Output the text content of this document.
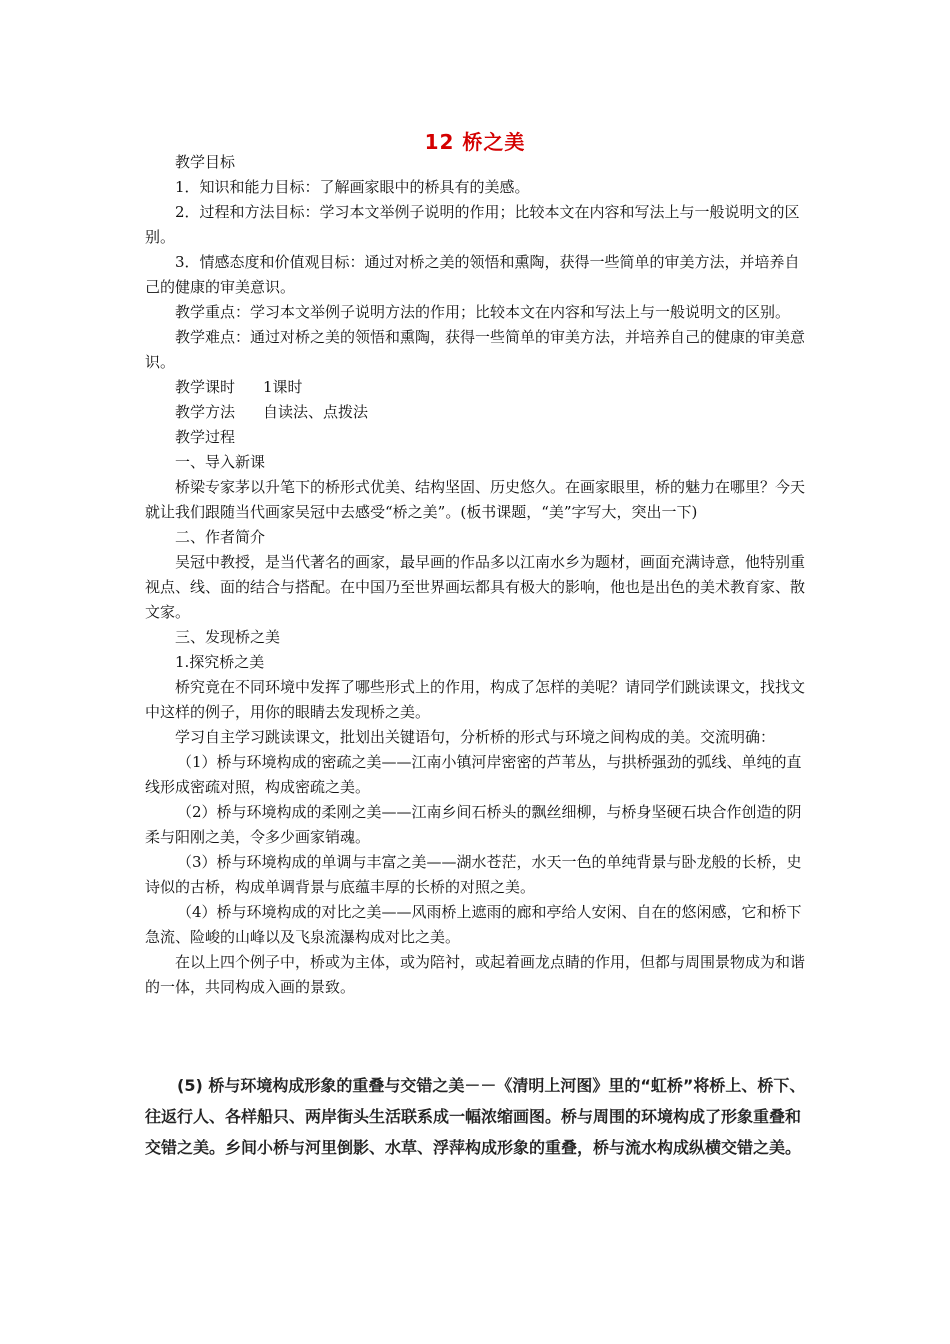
12 桥之美

教学目标

1．知识和能力目标：了解画家眼中的桥具有的美感。

2．过程和方法目标：学习本文举例子说明的作用；比较本文在内容和写法上与一般说明文的区别。

3．情感态度和价值观目标：通过对桥之美的领悟和熏陶，获得一些简单的审美方法，并培养自己的健康的审美意识。

教学重点：学习本文举例子说明方法的作用；比较本文在内容和写法上与一般说明文的区别。

教学难点：通过对桥之美的领悟和熏陶，获得一些简单的审美方法，并培养自己的健康的审美意识。

教学课时 1课时

教学方法 自读法、点拨法

教学过程

一、导入新课

桥梁专家茅以升笔下的桥形式优美、结构坚固、历史悠久。在画家眼里，桥的魅力在哪里？今天就让我们跟随当代画家吴冠中去感受“桥之美”。(板书课题，“美”字写大，突出一下)

二、作者简介

吴冠中教授，是当代著名的画家，最早画的作品多以江南水乡为题材，画面充满诗意，他特别重视点、线、面的结合与搭配。在中国乃至世界画坛都具有极大的影响，他也是出色的美术教育家、散文家。

三、发现桥之美

1.探究桥之美

桥究竟在不同环境中发挥了哪些形式上的作用，构成了怎样的美呢？请同学们跳读课文，找找文中这样的例子，用你的眼睛去发现桥之美。

学习自主学习跳读课文，批划出关键语句，分析桥的形式与环境之间构成的美。交流明确：

（1）桥与环境构成的密疏之美——江南小镇河岸密密的芦苇丛，与拱桥强劲的弧线、单纯的直线形成密疏对照，构成密疏之美。

（2）桥与环境构成的柔刚之美——江南乡间石桥头的飘丝细柳，与桥身坚硬石块合作创造的阴柔与阳刚之美，令多少画家销魂。

（3）桥与环境构成的单调与丰富之美——湖水苍茫，水天一色的单纯背景与卧龙般的长桥，史诗似的古桥，构成单调背景与底蕴丰厚的长桥的对照之美。

（4）桥与环境构成的对比之美——风雨桥上遮雨的廊和亭给人安闲、自在的悠闲感，它和桥下急流、险峻的山峰以及飞泉流瀑构成对比之美。

在以上四个例子中，桥或为主体，或为陪衬，或起着画龙点睛的作用，但都与周围景物成为和谐的一体，共同构成入画的景致。

(5) 桥与环境构成形象的重叠与交错之美－－《清明上河图》里的“虹桥”将桥上、桥下、往返行人、各样船只、两岸街头生活联系成一幅浓缩画图。桥与周围的环境构成了形象重叠和交错之美。乡间小桥与河里倒影、水草、浮萍构成形象的重叠，桥与流水构成纵横交错之美。
